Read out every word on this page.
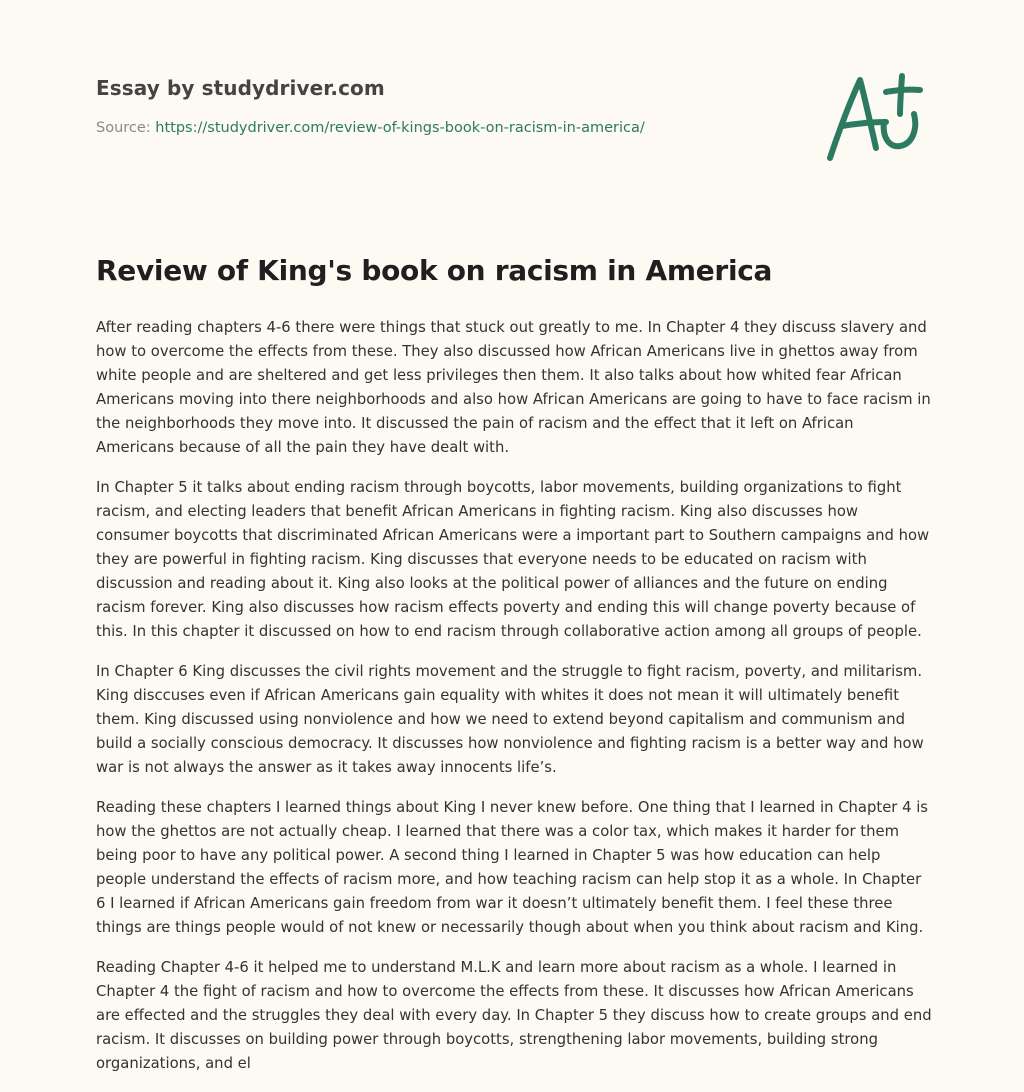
Essay by studydriver.com
Source: https://studydriver.com/review-of-kings-book-on-racism-in-america/
Review of King's book on racism in America

After reading chapters 4-6 there were things that stuck out greatly to me. In Chapter 4 they discuss slavery and how to overcome the effects from these. They also discussed how African Americans live in ghettos away from white people and are sheltered and get less privileges then them. It also talks about how whited fear African Americans moving into there neighborhoods and also how African Americans are going to have to face racism in the neighborhoods they move into. It discussed the pain of racism and the effect that it left on African Americans because of all the pain they have dealt with.

In Chapter 5 it talks about ending racism through boycotts, labor movements, building organizations to fight racism, and electing leaders that benefit African Americans in fighting racism. King also discusses how consumer boycotts that discriminated African Americans were a important part to Southern campaigns and how they are powerful in fighting racism. King discusses that everyone needs to be educated on racism with discussion and reading about it. King also looks at the political power of alliances and the future on ending racism forever. King also discusses how racism effects poverty and ending this will change poverty because of this. In this chapter it discussed on how to end racism through collaborative action among all groups of people.

In Chapter 6 King discusses the civil rights movement and the struggle to fight racism, poverty, and militarism. King disccuses even if African Americans gain equality with whites it does not mean it will ultimately benefit them. King discussed using nonviolence and how we need to extend beyond capitalism and communism and build a socially conscious democracy. It discusses how nonviolence and fighting racism is a better way and how war is not always the answer as it takes away innocents life’s.

Reading these chapters I learned things about King I never knew before. One thing that I learned in Chapter 4 is how the ghettos are not actually cheap. I learned that there was a color tax, which makes it harder for them being poor to have any political power. A second thing I learned in Chapter 5 was how education can help people understand the effects of racism more, and how teaching racism can help stop it as a whole. In Chapter 6 I learned if African Americans gain freedom from war it doesn’t ultimately benefit them. I feel these three things are things people would of not knew or necessarily though about when you think about racism and King.

Reading Chapter 4-6 it helped me to understand M.L.K and learn more about racism as a whole. I learned in Chapter 4 the fight of racism and how to overcome the effects from these. It discusses how African Americans are effected and the struggles they deal with every day. In Chapter 5 they discuss how to create groups and end racism. It discusses on building power through boycotts, strengthening labor movements, building strong organizations, and el
